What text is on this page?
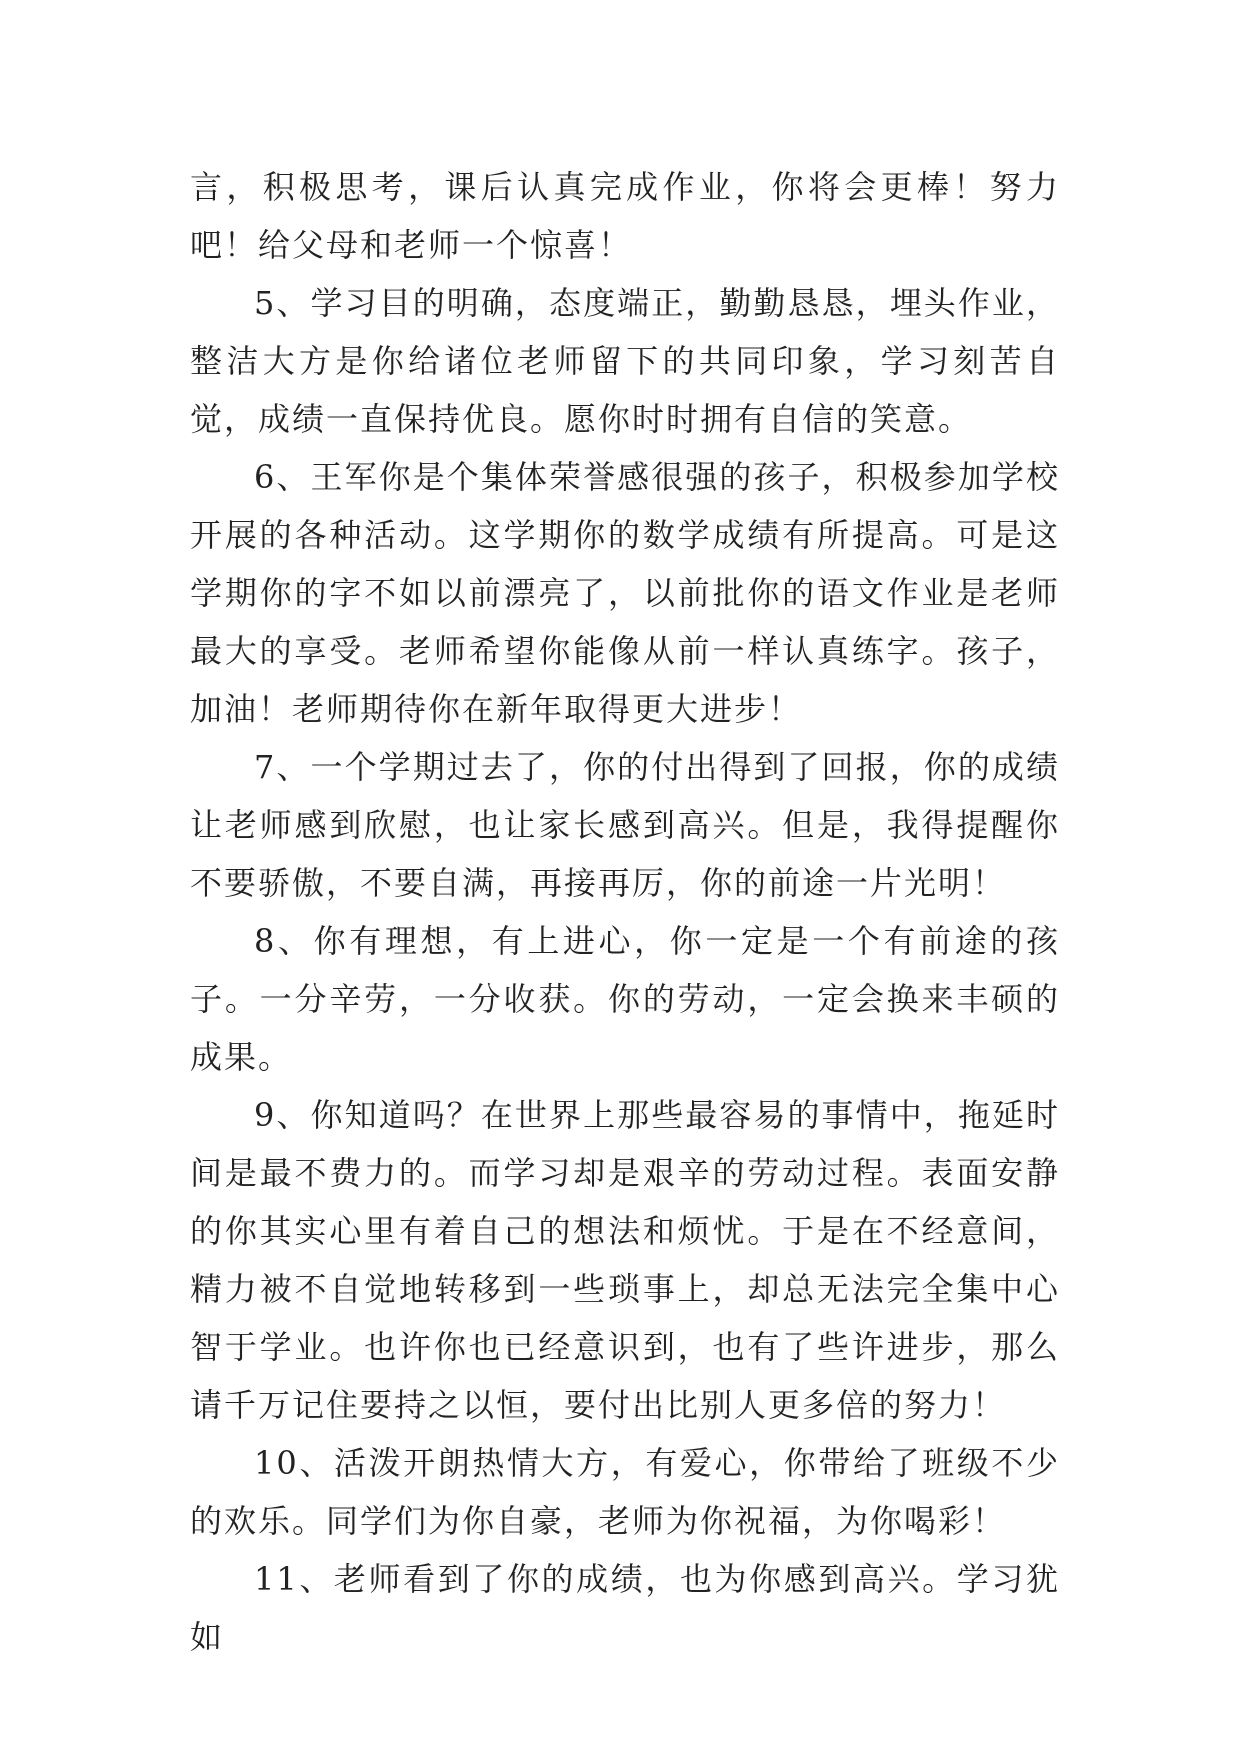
言，积极思考，课后认真完成作业，你将会更棒！努力吧！给父母和老师一个惊喜！

5、学习目的明确，态度端正，勤勤恳恳，埋头作业，整洁大方是你给诸位老师留下的共同印象，学习刻苦自觉，成绩一直保持优良。愿你时时拥有自信的笑意。

6、王军你是个集体荣誉感很强的孩子，积极参加学校开展的各种活动。这学期你的数学成绩有所提高。可是这学期你的字不如以前漂亮了，以前批你的语文作业是老师最大的享受。老师希望你能像从前一样认真练字。孩子，加油！老师期待你在新年取得更大进步！

7、一个学期过去了，你的付出得到了回报，你的成绩让老师感到欣慰，也让家长感到高兴。但是，我得提醒你不要骄傲，不要自满，再接再厉，你的前途一片光明！

8、你有理想，有上进心，你一定是一个有前途的孩子。一分辛劳，一分收获。你的劳动，一定会换来丰硕的成果。

9、你知道吗？在世界上那些最容易的事情中，拖延时间是最不费力的。而学习却是艰辛的劳动过程。表面安静的你其实心里有着自己的想法和烦忧。于是在不经意间，精力被不自觉地转移到一些琐事上，却总无法完全集中心智于学业。也许你也已经意识到，也有了些许进步，那么请千万记住要持之以恒，要付出比别人更多倍的努力！

10、活泼开朗热情大方，有爱心，你带给了班级不少的欢乐。同学们为你自豪，老师为你祝福，为你喝彩！

11、老师看到了你的成绩，也为你感到高兴。学习犹如
